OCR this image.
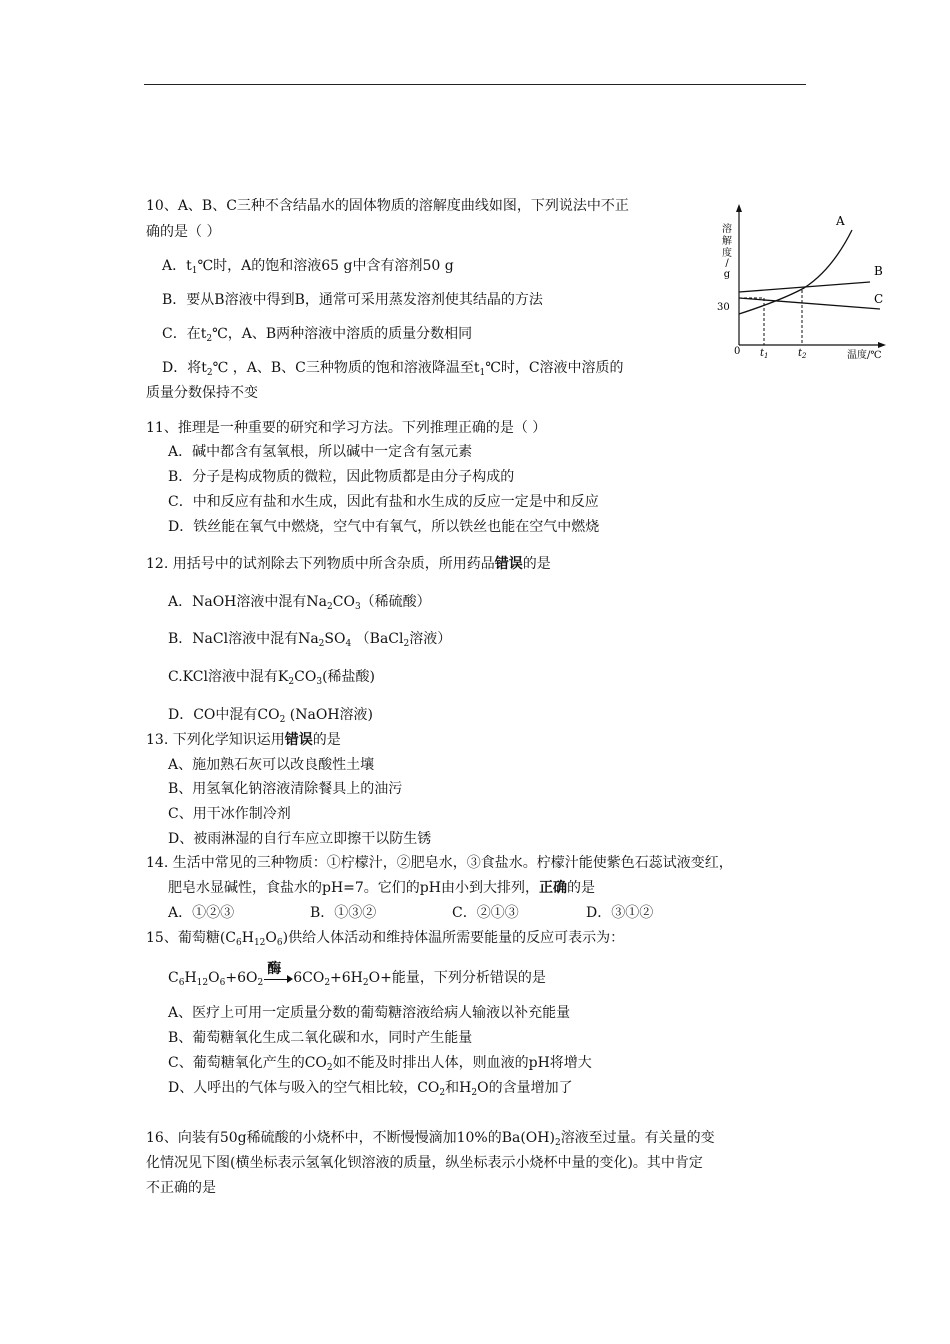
10、A、B、C三种不含结晶水的固体物质的溶解度曲线如图，下列说法中不正
确的是（ ）
A．$t_1℃$时，A的饱和溶液65 g中含有溶剂50 g
B．要从B溶液中得到B，通常可采用蒸发溶剂使其结晶的方法
C．在$t_2℃$，A、B两种溶液中溶质的质量分数相同
D．将$t_2℃$ ，A、B、C三种物质的饱和溶液降温至$t_1℃$时，C溶液中溶质的
质量分数保持不变
溶
解
度
/
g
30
0 $t_1$	$t_2$	温度/℃
A
B
C
11、推理是一种重要的研究和学习方法。下列推理正确的是（ ）
A．碱中都含有氢氧根，所以碱中一定含有氢元素
B．分子是构成物质的微粒，因此物质都是由分子构成的
C．中和反应有盐和水生成，因此有盐和水生成的反应一定是中和反应
D．铁丝能在氧气中燃烧，空气中有氧气，所以铁丝也能在空气中燃烧
12. 用括号中的试剂除去下列物质中所含杂质，所用药品错误的是
A．NaOH溶液中混有$Na_2CO_3$（稀硫酸）
B．NaCl溶液中混有$Na_2SO_4$ （BaCl$_2$溶液）
C.KCl溶液中混有$K_2CO_3$(稀盐酸)
D．CO中混有$CO_2$ (NaOH溶液)
13. 下列化学知识运用错误的是
A、施加熟石灰可以改良酸性土壤
B、用氢氧化钠溶液清除餐具上的油污
C、用干冰作制冷剂
D、被雨淋湿的自行车应立即擦干以防生锈
14. 生活中常见的三种物质：①柠檬汁，②肥皂水，③食盐水。柠檬汁能使紫色石蕊试液变红，
肥皂水显碱性，食盐水的pH=7。它们的pH由小到大排列，正确的是
A．①②③	B．①③②	C．②①③	D．③①②
15、葡萄糖$(C_6H_{12}O_6)$供给人体活动和维持体温所需要能量的反应可表示为：
$C_6H_{12}O_6+6O_2$
酶
$6CO_2+6H_2O+$能量，下列分析错误的是
A、医疗上可用一定质量分数的葡萄糖溶液给病人输液以补充能量
B、葡萄糖氧化生成二氧化碳和水，同时产生能量
C、葡萄糖氧化产生的$CO_2$如不能及时排出人体，则血液的pH将增大
D、人呼出的气体与吸入的空气相比较，$CO_2$和$H_2O$的含量增加了
16、向装有50g稀硫酸的小烧杯中，不断慢慢滴加10%的$Ba(OH)_2$溶液至过量。有关量的变
化情况见下图(横坐标表示氢氧化钡溶液的质量，纵坐标表示小烧杯中量的变化)。其中肯定
不正确的是
